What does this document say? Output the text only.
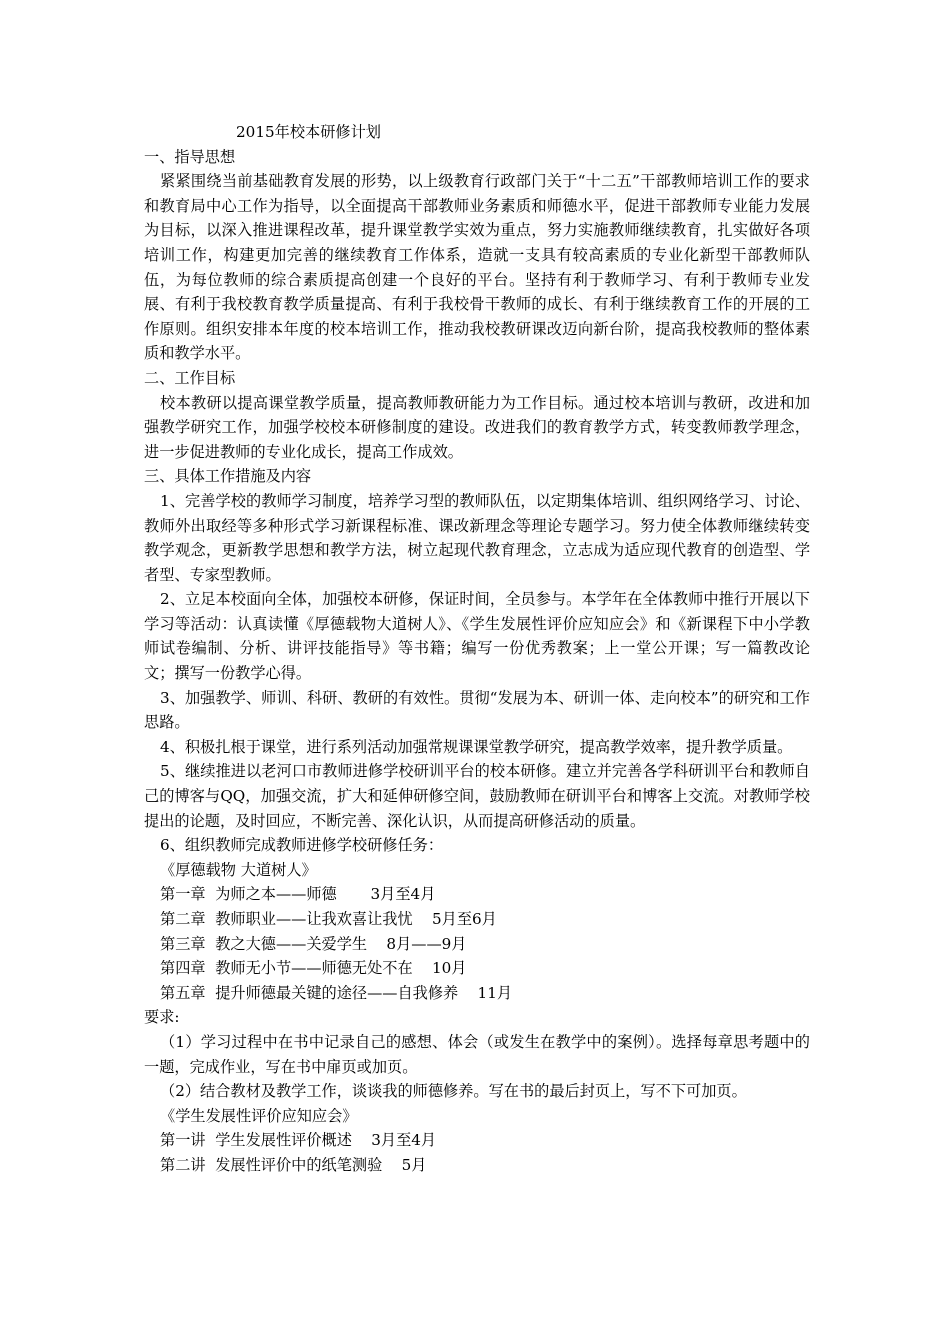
2015年校本研修计划
一、指导思想
紧紧围绕当前基础教育发展的形势，以上级教育行政部门关于“十二五”干部教师培训工作的要求和教育局中心工作为指导，以全面提高干部教师业务素质和师德水平，促进干部教师专业能力发展为目标，以深入推进课程改革，提升课堂教学实效为重点，努力实施教师继续教育，扎实做好各项培训工作，构建更加完善的继续教育工作体系，造就一支具有较高素质的专业化新型干部教师队伍，为每位教师的综合素质提高创建一个良好的平台。坚持有利于教师学习、有利于教师专业发展、有利于我校教育教学质量提高、有利于我校骨干教师的成长、有利于继续教育工作的开展的工作原则。组织安排本年度的校本培训工作，推动我校教研课改迈向新台阶，提高我校教师的整体素质和教学水平。
二、工作目标
校本教研以提高课堂教学质量，提高教师教研能力为工作目标。通过校本培训与教研，改进和加强教学研究工作，加强学校校本研修制度的建设。改进我们的教育教学方式，转变教师教学理念，进一步促进教师的专业化成长，提高工作成效。
三、具体工作措施及内容
1、完善学校的教师学习制度，培养学习型的教师队伍，以定期集体培训、组织网络学习、讨论、教师外出取经等多种形式学习新课程标准、课改新理念等理论专题学习。努力使全体教师继续转变教学观念，更新教学思想和教学方法，树立起现代教育理念，立志成为适应现代教育的创造型、学者型、专家型教师。
2、立足本校面向全体，加强校本研修，保证时间，全员参与。本学年在全体教师中推行开展以下学习等活动：认真读懂《厚德载物大道树人》、《学生发展性评价应知应会》和《新课程下中小学教师试卷编制、分析、讲评技能指导》等书籍；编写一份优秀教案；上一堂公开课；写一篇教改论文；撰写一份教学心得。
3、加强教学、师训、科研、教研的有效性。贯彻“发展为本、研训一体、走向校本”的研究和工作思路。
4、积极扎根于课堂，进行系列活动加强常规课课堂教学研究，提高教学效率，提升教学质量。
5、继续推进以老河口市教师进修学校研训平台的校本研修。建立并完善各学科研训平台和教师自己的博客与QQ，加强交流，扩大和延伸研修空间，鼓励教师在研训平台和博客上交流。对教师学校提出的论题，及时回应，不断完善、深化认识，从而提高研修活动的质量。
6、组织教师完成教师进修学校研修任务：
《厚德载物 大道树人》
第一章  为师之本——师德       3月至4月
第二章  教师职业——让我欢喜让我忧    5月至6月
第三章  教之大德——关爱学生    8月——9月
第四章  教师无小节——师德无处不在    10月
第五章  提升师德最关键的途径——自我修养    11月
要求:
（1）学习过程中在书中记录自己的感想、体会（或发生在教学中的案例）。选择每章思考题中的一题，完成作业，写在书中扉页或加页。
（2）结合教材及教学工作，谈谈我的师德修养。写在书的最后封页上，写不下可加页。
《学生发展性评价应知应会》
第一讲  学生发展性评价概述    3月至4月
第二讲  发展性评价中的纸笔测验    5月
